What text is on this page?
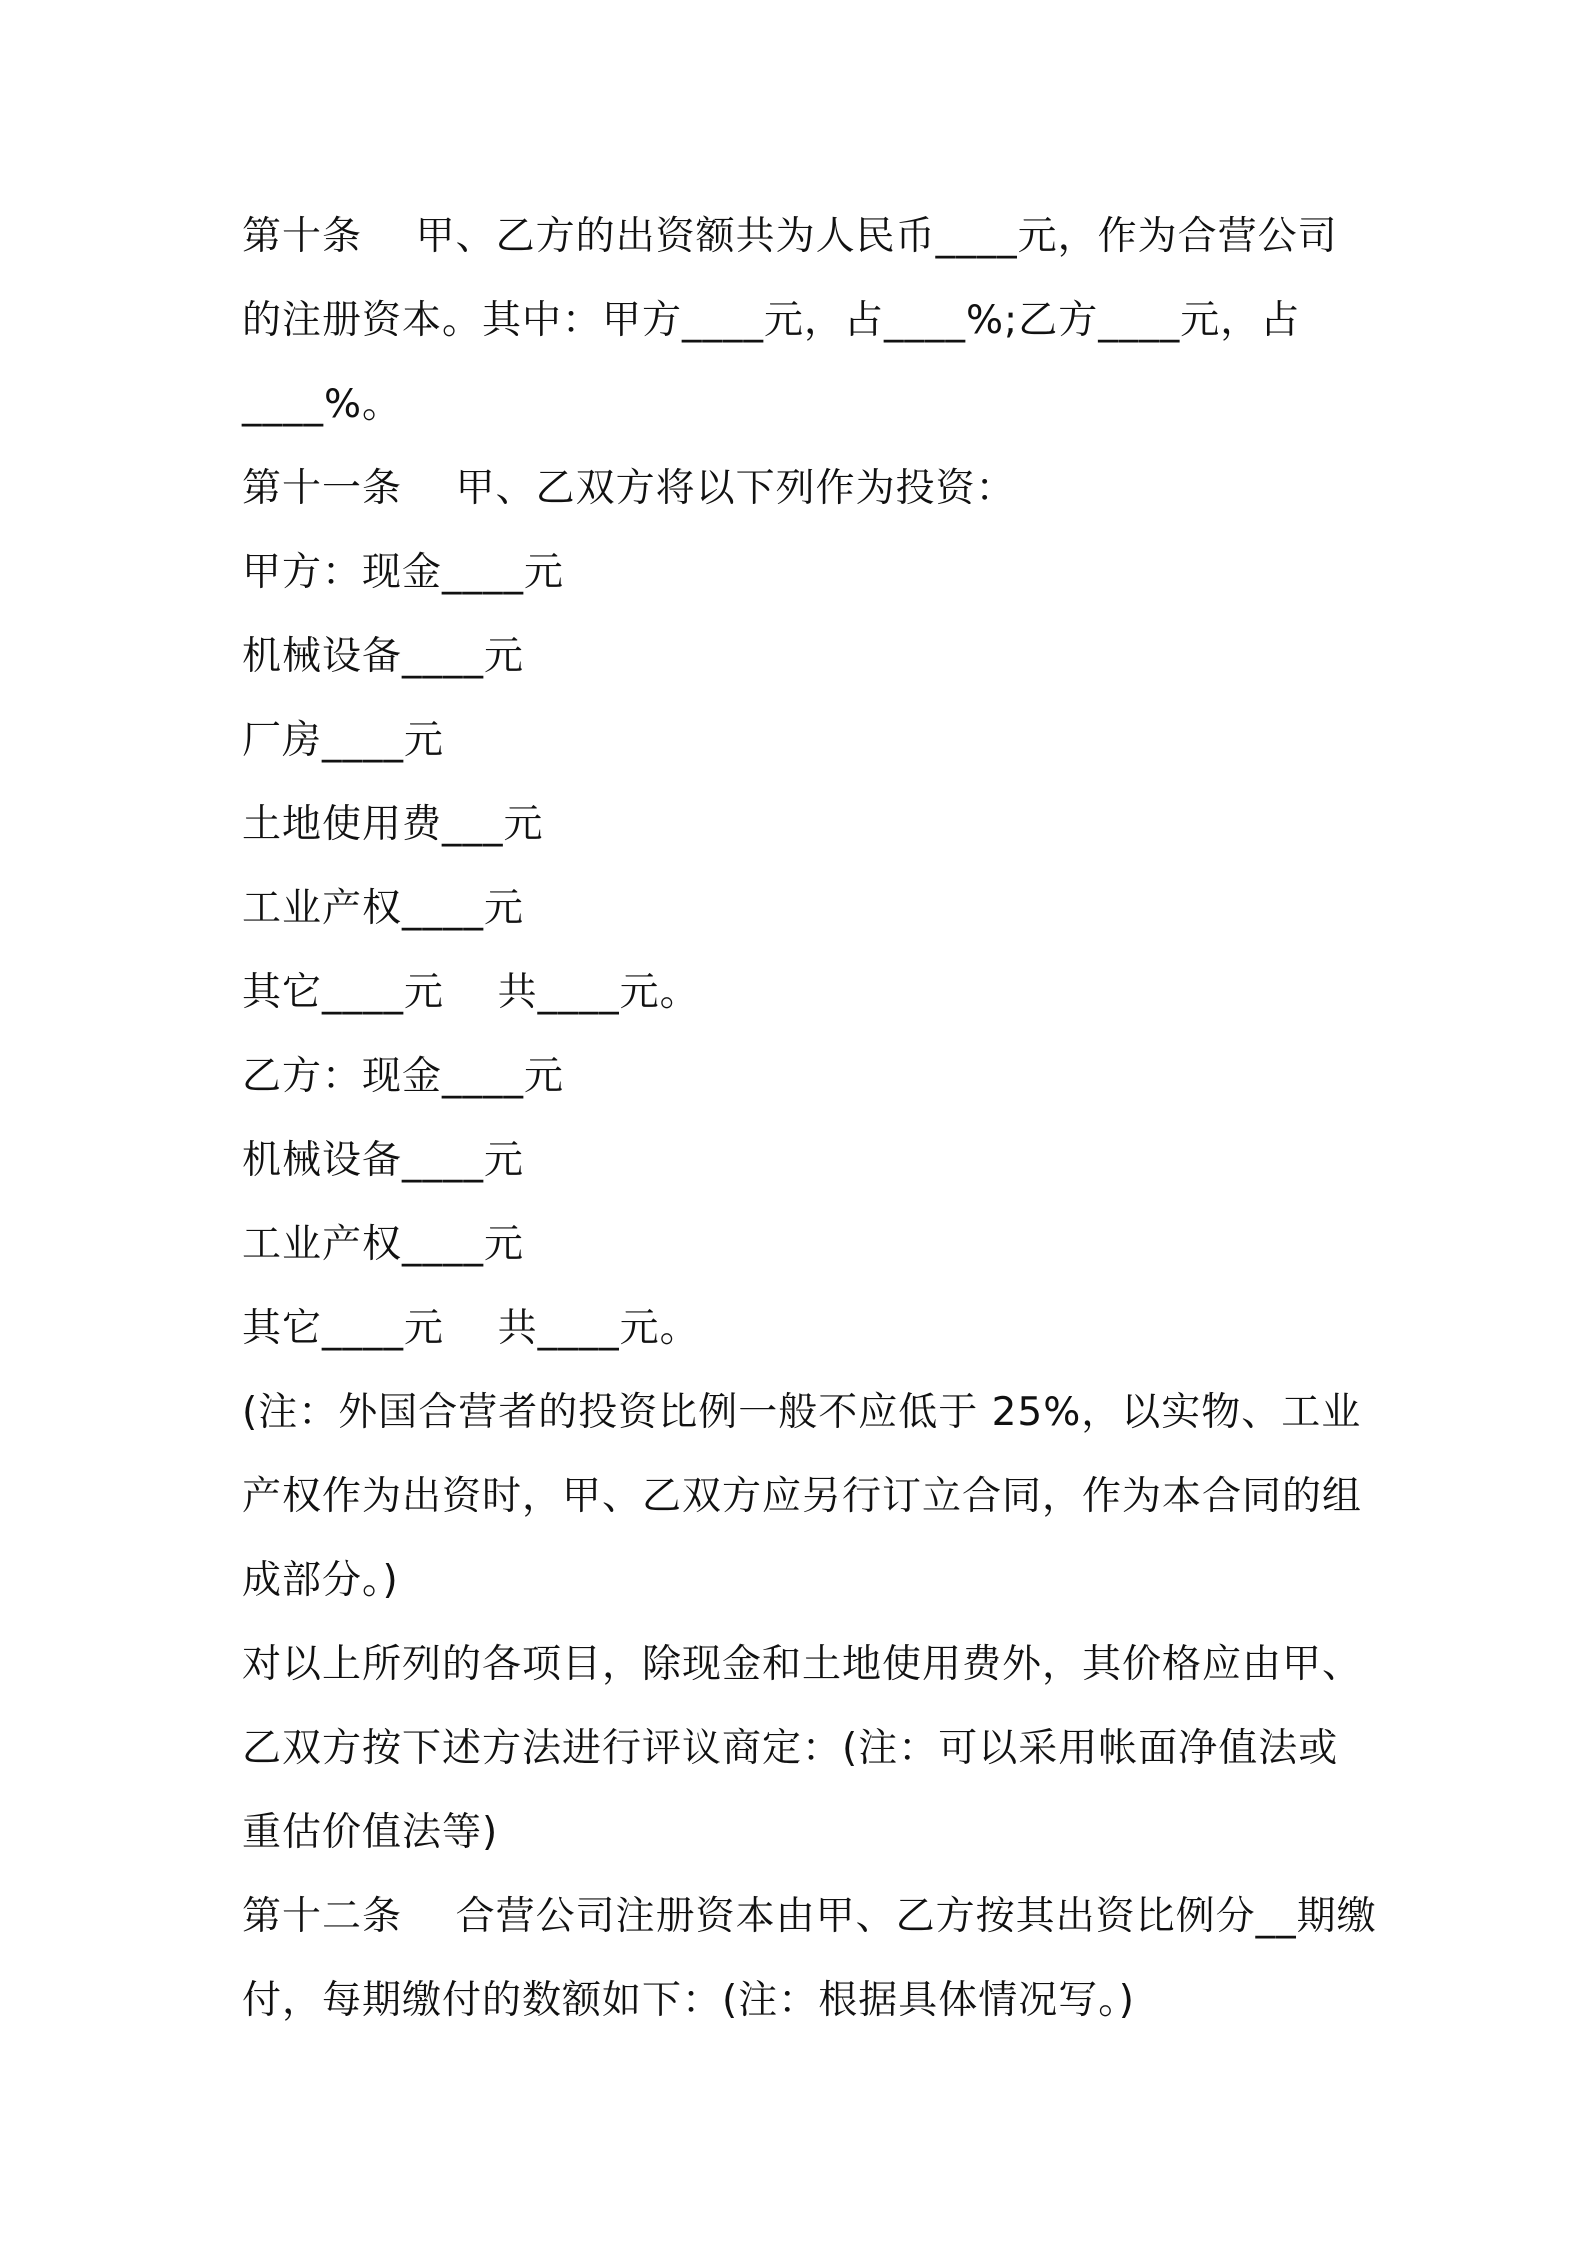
第十条    甲、乙方的出资额共为人民币____元，作为合营公司

的注册资本。其中：甲方____元，占____%;乙方____元，占

____%。

第十一条    甲、乙双方将以下列作为投资：

甲方：现金____元

机械设备____元

厂房____元

土地使用费___元

工业产权____元

其它____元    共____元。

乙方：现金____元

机械设备____元

工业产权____元

其它____元    共____元。

(注：外国合营者的投资比例一般不应低于 25%，以实物、工业

产权作为出资时，甲、乙双方应另行订立合同，作为本合同的组

成部分。)

对以上所列的各项目，除现金和土地使用费外，其价格应由甲、

乙双方按下述方法进行评议商定：(注：可以采用帐面净值法或

重估价值法等)

第十二条    合营公司注册资本由甲、乙方按其出资比例分__期缴

付，每期缴付的数额如下：(注：根据具体情况写。)
